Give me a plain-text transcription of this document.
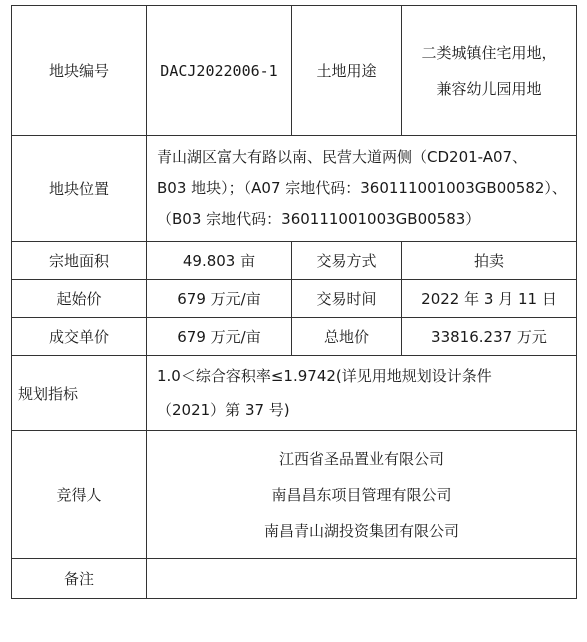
地块编号	DACJ2022006-1	土地用途	二类城镇住宅用地，
兼容幼儿园用地

地块位置	青山湖区富大有路以南、民营大道两侧（CD201-A07、
B03 地块）；（A07 宗地代码：360111001003GB00582）、
（B03 宗地代码：360111001003GB00583）		

宗地面积	49.803 亩	交易方式	拍卖
起始价	679 万元/亩	交易时间	2022 年 3 月 11 日
成交单价	679 万元/亩	总地价	33816.237 万元
规划指标	1.0＜综合容积率≤1.9742(详见用地规划设计条件
（2021）第 37 号)		

竞得人	江西省圣品置业有限公司
南昌昌东项目管理有限公司
南昌青山湖投资集团有限公司		

备注			
